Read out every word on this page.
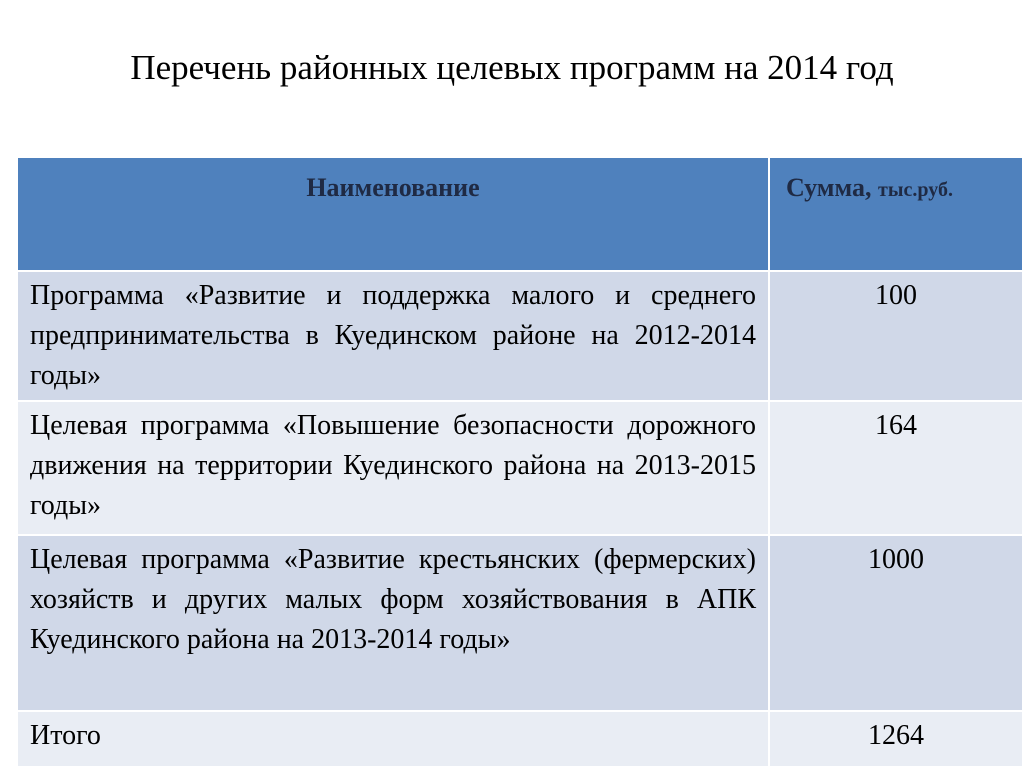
Перечень районных целевых программ на 2014 год
Наименование	Сумма, тыс.руб.
Программа «Развитие и поддержка малого и среднего предпринимательства в Куединском районе на 2012-2014 годы»	100
Целевая программа «Повышение безопасности дорожного движения на территории Куединского района на 2013-2015 годы»	164
Целевая программа «Развитие крестьянских (фермерских) хозяйств и других малых форм хозяйствования в АПК Куединского района на 2013-2014 годы»	1000
Итого	1264
